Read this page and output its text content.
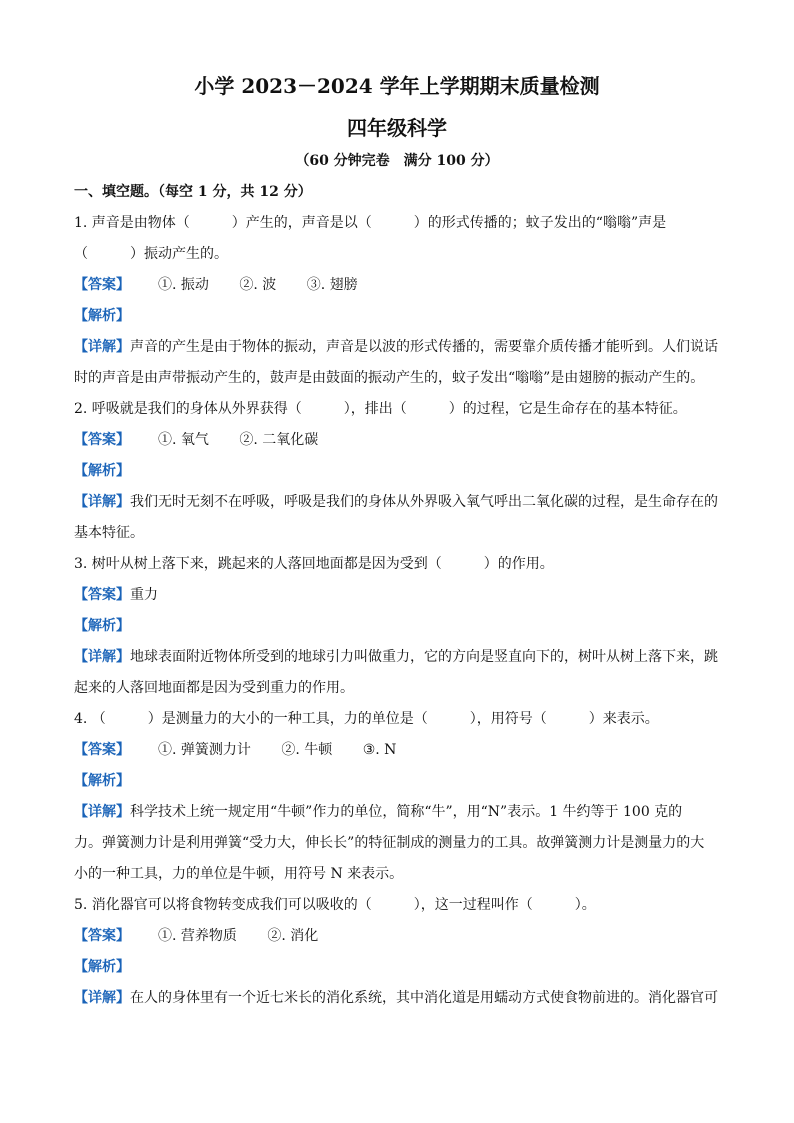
小学 2023－2024 学年上学期期末质量检测
四年级科学
（60 分钟完卷　满分 100 分）
一、填空题。（每空 1 分，共 12 分）
1. 声音是由物体（　　　）产生的，声音是以（　　　）的形式传播的；蚊子发出的“嗡嗡”声是
（　　　）振动产生的。
【答案】 ①. 振动 ②. 波 ③. 翅膀
【解析】
【详解】声音的产生是由于物体的振动，声音是以波的形式传播的，需要靠介质传播才能听到。人们说话
时的声音是由声带振动产生的，鼓声是由鼓面的振动产生的，蚊子发出“嗡嗡”是由翅膀的振动产生的。
2. 呼吸就是我们的身体从外界获得（　　　），排出（　　　）的过程，它是生命存在的基本特征。
【答案】 ①. 氧气 ②. 二氧化碳
【解析】
【详解】我们无时无刻不在呼吸，呼吸是我们的身体从外界吸入氧气呼出二氧化碳的过程，是生命存在的
基本特征。
3. 树叶从树上落下来，跳起来的人落回地面都是因为受到（　　　）的作用。
【答案】重力
【解析】
【详解】地球表面附近物体所受到的地球引力叫做重力，它的方向是竖直向下的，树叶从树上落下来，跳
起来的人落回地面都是因为受到重力的作用。
4. （　　　）是测量力的大小的一种工具，力的单位是（　　　），用符号（　　　）来表示。
【答案】 ①. 弹簧测力计 ②. 牛顿 ③. N
【解析】
【详解】科学技术上统一规定用“牛顿”作力的单位，简称“牛”，用“N”表示。1 牛约等于 100 克的
力。弹簧测力计是利用弹簧“受力大，伸长长”的特征制成的测量力的工具。故弹簧测力计是测量力的大
小的一种工具，力的单位是牛顿，用符号 N 来表示。
5. 消化器官可以将食物转变成我们可以吸收的（　　　），这一过程叫作（　　　）。
【答案】 ①. 营养物质 ②. 消化
【解析】
【详解】在人的身体里有一个近七米长的消化系统，其中消化道是用蠕动方式使食物前进的。消化器官可
